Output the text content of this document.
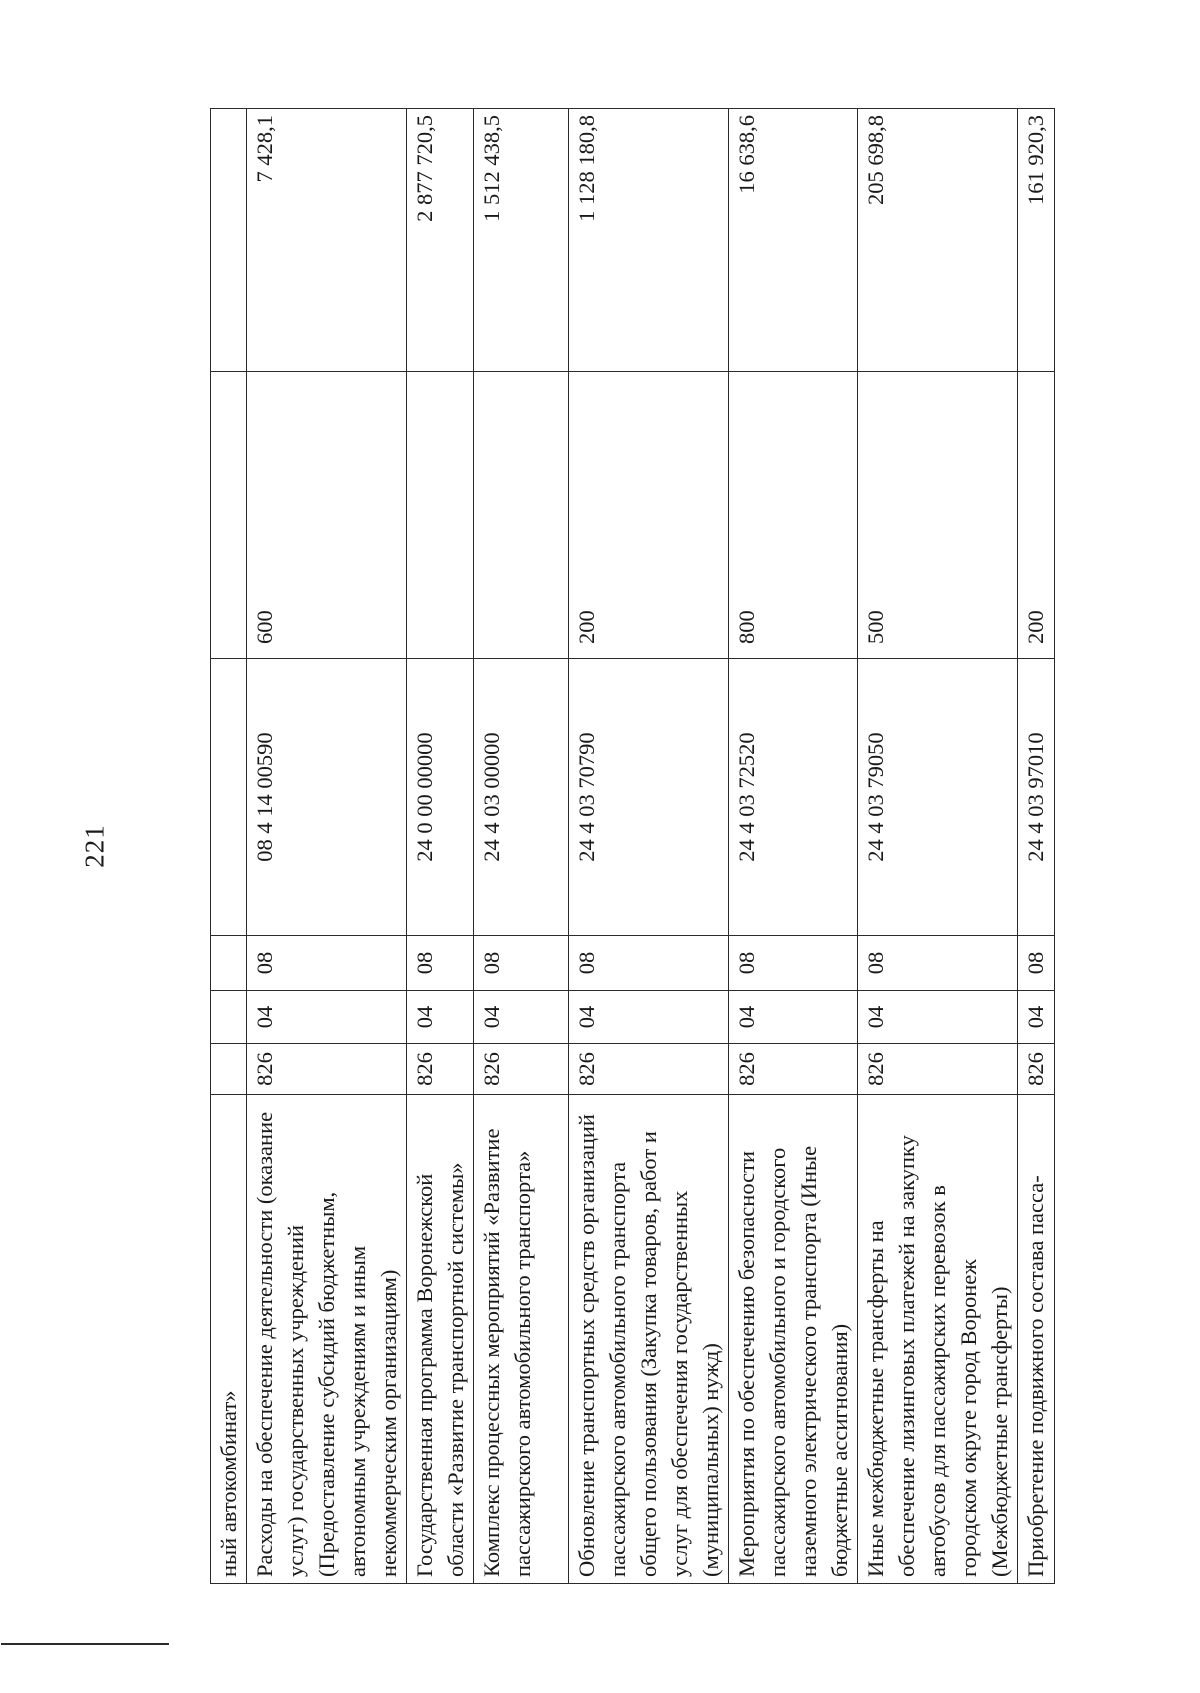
221
ный автокомбинат»						
Расходы на обеспечение деятельности (оказание услуг) государственных учреждений (Предоставление субсидий бюджетным, автономным учреждениям и иным некоммерческим организациям)	826	04	08	08 4 14 00590	600	7 428,1
Государственная программа Воронежской области «Развитие транспортной системы»	826	04	08	24 0 00 00000		2 877 720,5
Комплекс процессных мероприятий «Развитие пассажирского автомобильного транспорта»	826	04	08	24 4 03 00000		1 512 438,5
Обновление транспортных средств организаций пассажирского автомобильного транспорта общего пользования (Закупка товаров, работ и услуг для обеспечения государственных (муниципальных) нужд)	826	04	08	24 4 03 70790	200	1 128 180,8
Мероприятия по обеспечению безопасности пассажирского автомобильного и городского наземного электрического транспорта (Иные бюджетные ассигнования)	826	04	08	24 4 03 72520	800	16 638,6
Иные межбюджетные трансферты на обеспечение лизинговых платежей на закупку автобусов для пассажирских перевозок в городском округе город Воронеж (Межбюджетные трансферты)	826	04	08	24 4 03 79050	500	205 698,8
Приобретение подвижного состава пасса-	826	04	08	24 4 03 97010	200	161 920,3
